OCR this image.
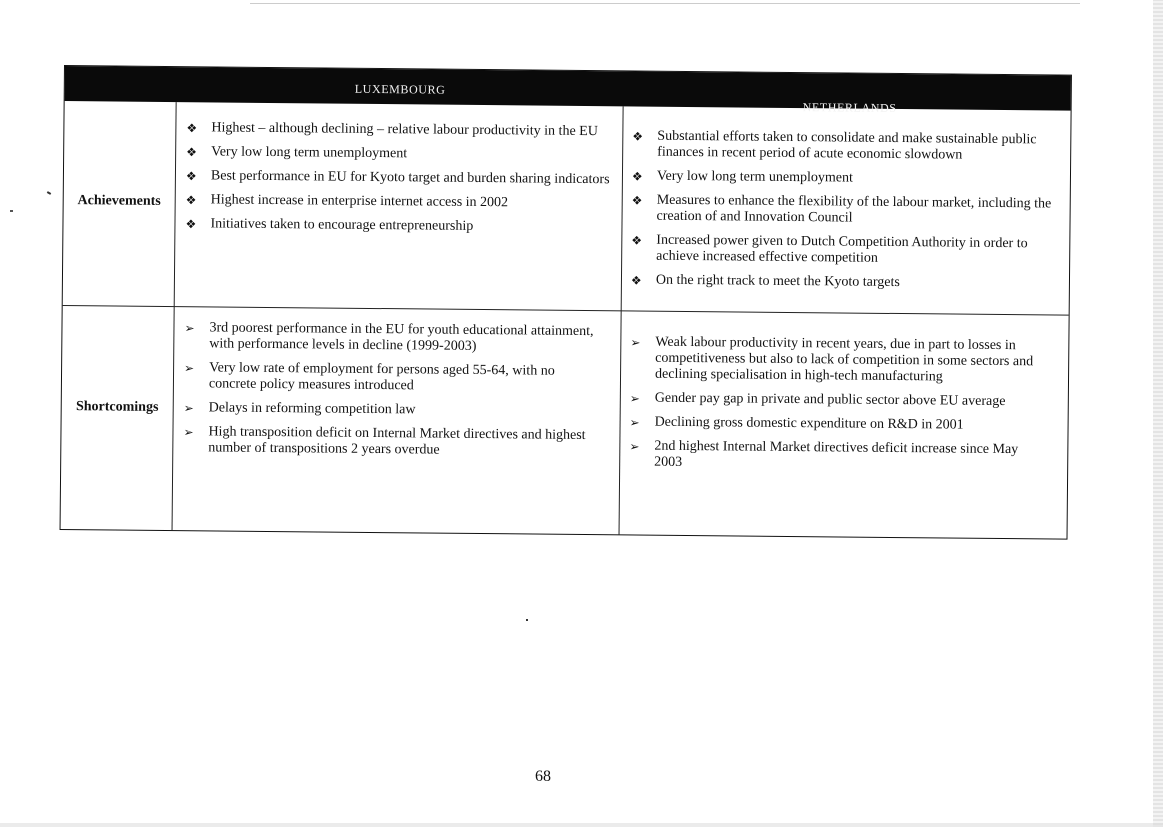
LUXEMBOURG
NETHERLANDS
Achievements
Shortcomings
❖ Highest – although declining – relative labour productivity in the EU
❖ Very low long term unemployment
❖ Best performance in EU for Kyoto target and burden sharing indicators
❖ Highest increase in enterprise internet access in 2002
❖ Initiatives taken to encourage entrepreneurship
❖ Substantial efforts taken to consolidate and make sustainable public finances in recent period of acute economic slowdown
❖ Very low long term unemployment
❖ Measures to enhance the flexibility of the labour market, including the creation of and Innovation Council
❖ Increased power given to Dutch Competition Authority in order to achieve increased effective competition
❖ On the right track to meet the Kyoto targets
➢ 3rd poorest performance in the EU for youth educational attainment, with performance levels in decline (1999-2003)
➢ Very low rate of employment for persons aged 55-64, with no concrete policy measures introduced
➢ Delays in reforming competition law
➢ High transposition deficit on Internal Market directives and highest number of transpositions 2 years overdue
➢ Weak labour productivity in recent years, due in part to losses in competitiveness but also to lack of competition in some sectors and declining specialisation in high-tech manufacturing
➢ Gender pay gap in private and public sector above EU average
➢ Declining gross domestic expenditure on R&D in 2001
➢ 2nd highest Internal Market directives deficit increase since May 2003
68
